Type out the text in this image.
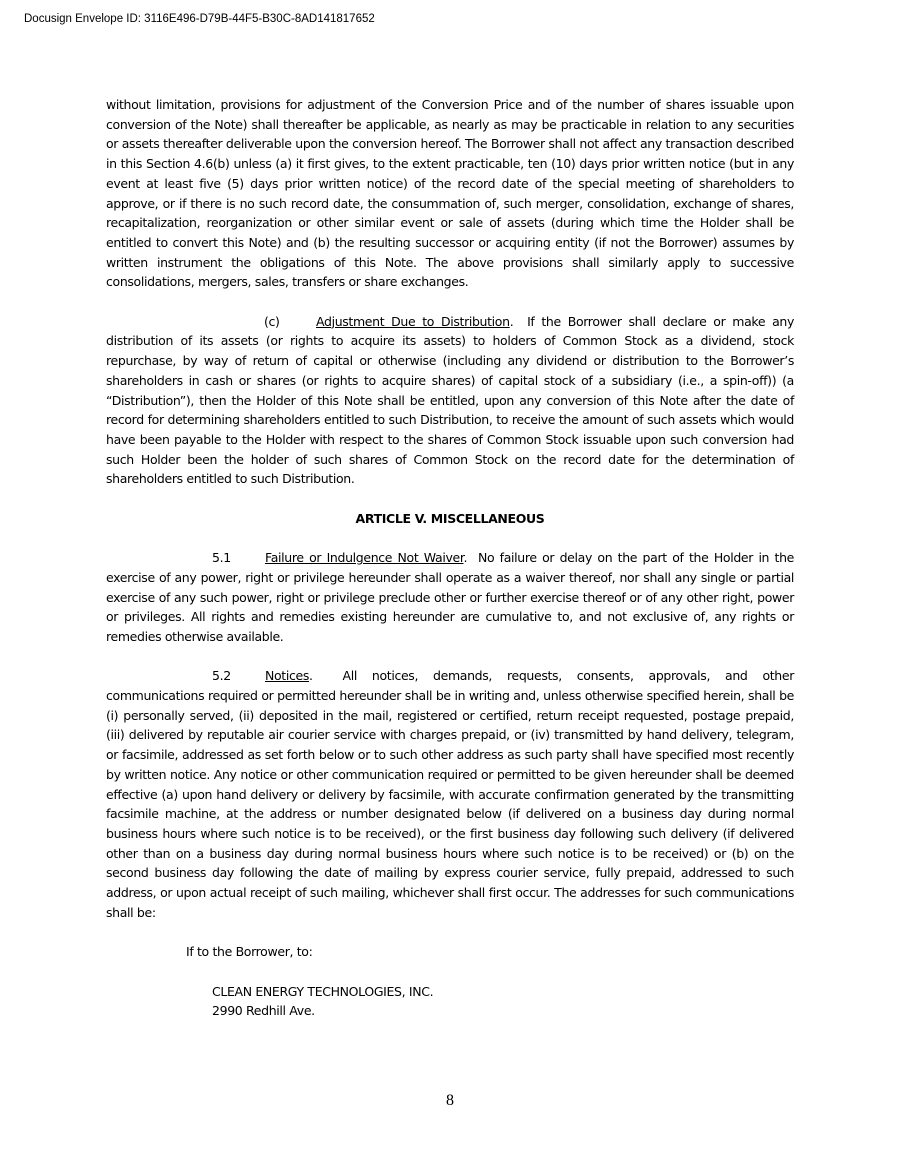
Docusign Envelope ID: 3116E496-D79B-44F5-B30C-8AD141817652

without limitation, provisions for adjustment of the Conversion Price and of the number of shares issuable upon conversion of the Note) shall thereafter be applicable, as nearly as may be practicable in relation to any securities or assets thereafter deliverable upon the conversion hereof. The Borrower shall not affect any transaction described in this Section 4.6(b) unless (a) it first gives, to the extent practicable, ten (10) days prior written notice (but in any event at least five (5) days prior written notice) of the record date of the special meeting of shareholders to approve, or if there is no such record date, the consummation of, such merger, consolidation, exchange of shares, recapitalization, reorganization or other similar event or sale of assets (during which time the Holder shall be entitled to convert this Note) and (b) the resulting successor or acquiring entity (if not the Borrower) assumes by written instrument the obligations of this Note. The above provisions shall similarly apply to successive consolidations, mergers, sales, transfers or share exchanges.

(c)	Adjustment Due to Distribution.  If the Borrower shall declare or make any distribution of its assets (or rights to acquire its assets) to holders of Common Stock as a dividend, stock repurchase, by way of return of capital or otherwise (including any dividend or distribution to the Borrower’s shareholders in cash or shares (or rights to acquire shares) of capital stock of a subsidiary (i.e., a spin-off)) (a “Distribution”), then the Holder of this Note shall be entitled, upon any conversion of this Note after the date of record for determining shareholders entitled to such Distribution, to receive the amount of such assets which would have been payable to the Holder with respect to the shares of Common Stock issuable upon such conversion had such Holder been the holder of such shares of Common Stock on the record date for the determination of shareholders entitled to such Distribution.

ARTICLE V. MISCELLANEOUS

5.1	Failure or Indulgence Not Waiver.  No failure or delay on the part of the Holder in the exercise of any power, right or privilege hereunder shall operate as a waiver thereof, nor shall any single or partial exercise of any such power, right or privilege preclude other or further exercise thereof or of any other right, power or privileges. All rights and remedies existing hereunder are cumulative to, and not exclusive of, any rights or remedies otherwise available.

5.2	Notices.  All notices, demands, requests, consents, approvals, and other communications required or permitted hereunder shall be in writing and, unless otherwise specified herein, shall be (i) personally served, (ii) deposited in the mail, registered or certified, return receipt requested, postage prepaid, (iii) delivered by reputable air courier service with charges prepaid, or (iv) transmitted by hand delivery, telegram, or facsimile, addressed as set forth below or to such other address as such party shall have specified most recently by written notice. Any notice or other communication required or permitted to be given hereunder shall be deemed effective (a) upon hand delivery or delivery by facsimile, with accurate confirmation generated by the transmitting facsimile machine, at the address or number designated below (if delivered on a business day during normal business hours where such notice is to be received), or the first business day following such delivery (if delivered other than on a business day during normal business hours where such notice is to be received) or (b) on the second business day following the date of mailing by express courier service, fully prepaid, addressed to such address, or upon actual receipt of such mailing, whichever shall first occur. The addresses for such communications shall be:

If to the Borrower, to:

CLEAN ENERGY TECHNOLOGIES, INC.
2990 Redhill Ave.
8
